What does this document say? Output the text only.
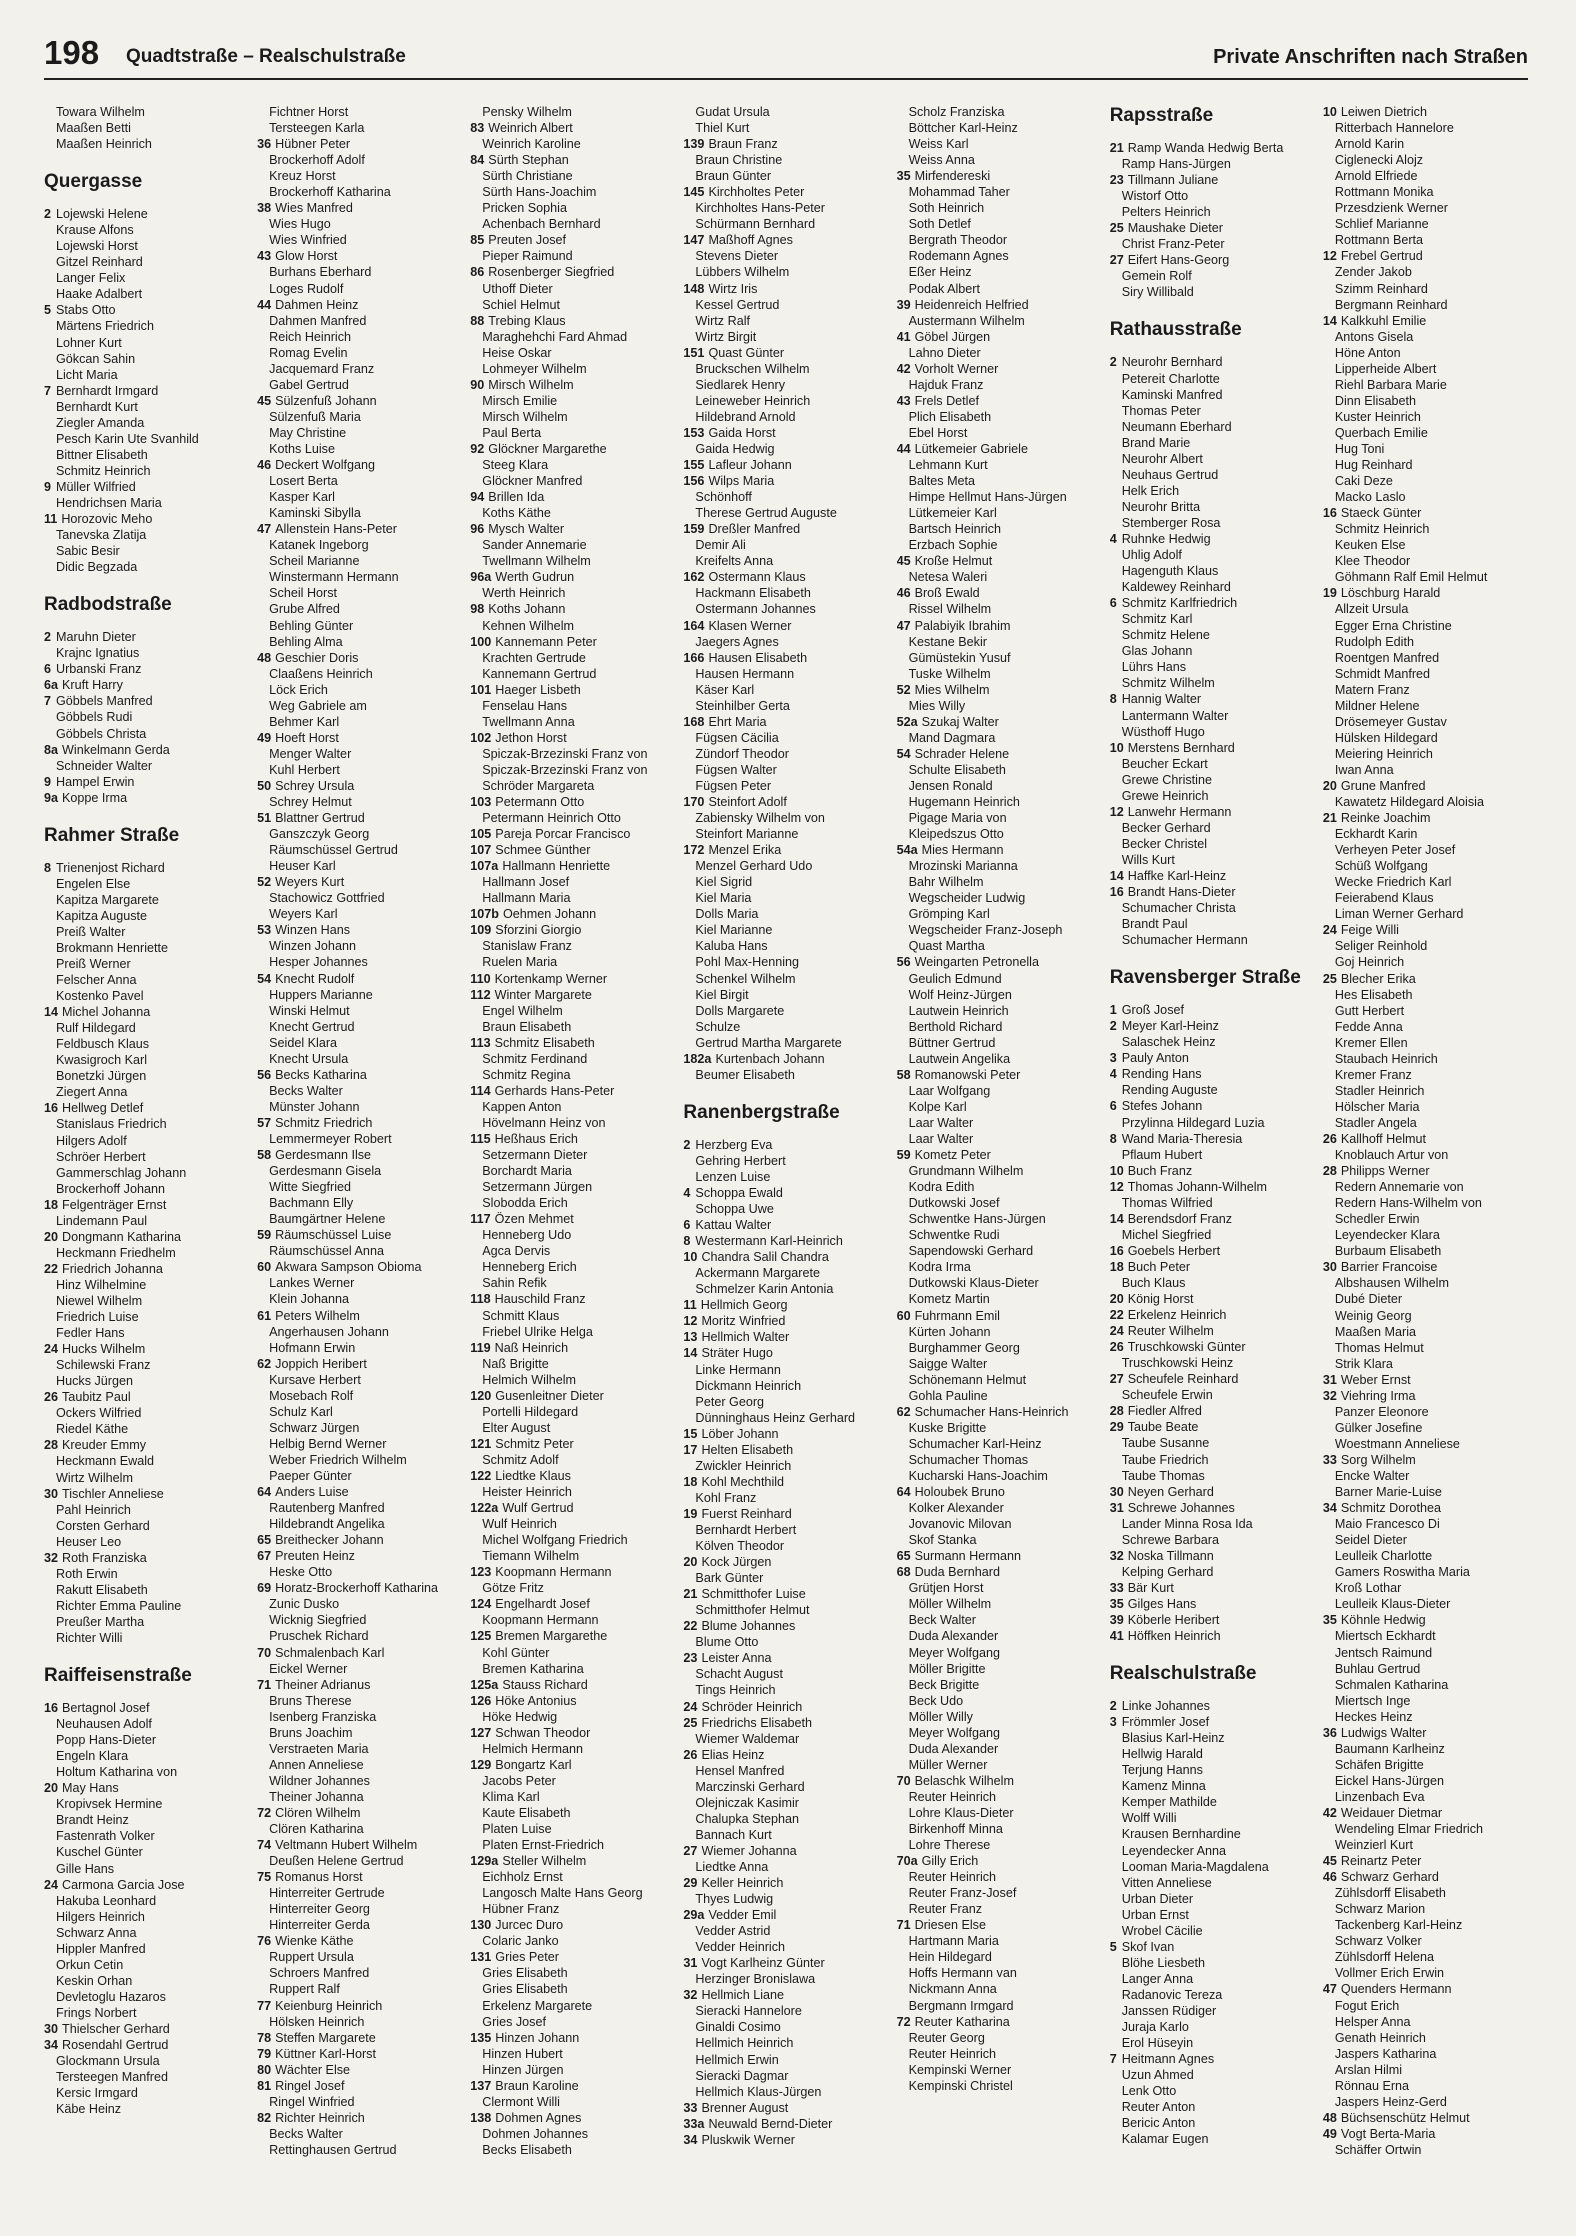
198 Quadtstraße – Realschulstraße	Private Anschriften nach Straßen
Towara Wilhelm
Maaßen Betti
Maaßen Heinrich
Quergasse
2 Lojewski Helene
Krause Alfons
Lojewski Horst
Gitzel Reinhard
Langer Felix
Haake Adalbert
5 Stabs Otto
Märtens Friedrich
Lohner Kurt
Gökcan Sahin
Licht Maria
7 Bernhardt Irmgard
Bernhardt Kurt
Ziegler Amanda
Pesch Karin Ute Svanhild
Bittner Elisabeth
Schmitz Heinrich
9 Müller Wilfried
Hendrichsen Maria
11 Horozovic Meho
Tanevska Zlatija
Sabic Besir
Didic Begzada
Radbodstraße
2 Maruhn Dieter
Krajnc Ignatius
6 Urbanski Franz
6a Kruft Harry
7 Göbbels Manfred
Göbbels Rudi
Göbbels Christa
8a Winkelmann Gerda
Schneider Walter
9 Hampel Erwin
9a Koppe Irma
Rahmer Straße
8 Trienenjost Richard
Engelen Else
Kapitza Margarete
Kapitza Auguste
Preiß Walter
Brokmann Henriette
Preiß Werner
Felscher Anna
Kostenko Pavel
14 Michel Johanna
Rulf Hildegard
Feldbusch Klaus
Kwasigroch Karl
Bonetzki Jürgen
Ziegert Anna
16 Hellweg Detlef
Stanislaus Friedrich
Hilgers Adolf
Schröer Herbert
Gammerschlag Johann
Brockerhoff Johann
18 Felgenträger Ernst
Lindemann Paul
20 Dongmann Katharina
Heckmann Friedhelm
22 Friedrich Johanna
Hinz Wilhelmine
Niewel Wilhelm
Friedrich Luise
Fedler Hans
24 Hucks Wilhelm
Schilewski Franz
Hucks Jürgen
26 Taubitz Paul
Ockers Wilfried
Riedel Käthe
28 Kreuder Emmy
Heckmann Ewald
Wirtz Wilhelm
30 Tischler Anneliese
Pahl Heinrich
Corsten Gerhard
Heuser Leo
32 Roth Franziska
Roth Erwin
Rakutt Elisabeth
Richter Emma Pauline
Preußer Martha
Richter Willi
Raiffeisenstraße
16 Bertagnol Josef
Neuhausen Adolf
Popp Hans-Dieter
Engeln Klara
Holtum Katharina von
20 May Hans
Kropivsek Hermine
Brandt Heinz
Fastenrath Volker
Kuschel Günter
Gille Hans
24 Carmona Garcia Jose
Hakuba Leonhard
Hilgers Heinrich
Schwarz Anna
Hippler Manfred
Orkun Cetin
Keskin Orhan
Devletoglu Hazaros
Frings Norbert
30 Thielscher Gerhard
34 Rosendahl Gertrud
Glockmann Ursula
Tersteegen Manfred
Kersic Irmgard
Käbe Heinz
Fichtner Horst
Tersteegen Karla
36 Hübner Peter
Brockerhoff Adolf
Kreuz Horst
Brockerhoff Katharina
38 Wies Manfred
Wies Hugo
Wies Winfried
43 Glow Horst
Burhans Eberhard
Loges Rudolf
44 Dahmen Heinz
Dahmen Manfred
Reich Heinrich
Romag Evelin
Jacquemard Franz
Gabel Gertrud
45 Sülzenfuß Johann
Sülzenfuß Maria
May Christine
Koths Luise
46 Deckert Wolfgang
Losert Berta
Kasper Karl
Kaminski Sibylla
47 Allenstein Hans-Peter
Katanek Ingeborg
Scheil Marianne
Winstermann Hermann
Scheil Horst
Grube Alfred
Behling Günter
Behling Alma
48 Geschier Doris
Claaßens Heinrich
Löck Erich
Weg Gabriele am
Behmer Karl
49 Hoeft Horst
Menger Walter
Kuhl Herbert
50 Schrey Ursula
Schrey Helmut
51 Blattner Gertrud
Ganszczyk Georg
Räumschüssel Gertrud
Heuser Karl
52 Weyers Kurt
Stachowicz Gottfried
Weyers Karl
53 Winzen Hans
Winzen Johann
Hesper Johannes
54 Knecht Rudolf
Huppers Marianne
Winski Helmut
Knecht Gertrud
Seidel Klara
Knecht Ursula
56 Becks Katharina
Becks Walter
Münster Johann
57 Schmitz Friedrich
Lemmermeyer Robert
58 Gerdesmann Ilse
Gerdesmann Gisela
Witte Siegfried
Bachmann Elly
Baumgärtner Helene
59 Räumschüssel Luise
Räumschüssel Anna
60 Akwara Sampson Obioma
Lankes Werner
Klein Johanna
61 Peters Wilhelm
Angerhausen Johann
Hofmann Erwin
62 Joppich Heribert
Kursave Herbert
Mosebach Rolf
Schulz Karl
Schwarz Jürgen
Helbig Bernd Werner
Weber Friedrich Wilhelm
Paeper Günter
64 Anders Luise
Rautenberg Manfred
Hildebrandt Angelika
65 Breithecker Johann
67 Preuten Heinz
Heske Otto
69 Horatz-Brockerhoff Katharina
Zunic Dusko
Wicknig Siegfried
Pruschek Richard
70 Schmalenbach Karl
Eickel Werner
71 Theiner Adrianus
Bruns Therese
Isenberg Franziska
Bruns Joachim
Verstraeten Maria
Annen Anneliese
Wildner Johannes
Theiner Johanna
72 Clören Wilhelm
Clören Katharina
74 Veltmann Hubert Wilhelm
Deußen Helene Gertrud
75 Romanus Horst
Hinterreiter Gertrude
Hinterreiter Georg
Hinterreiter Gerda
76 Wienke Käthe
Ruppert Ursula
Schroers Manfred
Ruppert Ralf
77 Keienburg Heinrich
Hölsken Heinrich
78 Steffen Margarete
79 Küttner Karl-Horst
80 Wächter Else
81 Ringel Josef
Ringel Winfried
82 Richter Heinrich
Becks Walter
Rettinghausen Gertrud
Pensky Wilhelm
83 Weinrich Albert
Weinrich Karoline
84 Sürth Stephan
Sürth Christiane
Sürth Hans-Joachim
Pricken Sophia
Achenbach Bernhard
85 Preuten Josef
Pieper Raimund
86 Rosenberger Siegfried
Uthoff Dieter
Schiel Helmut
88 Trebing Klaus
Maraghehchi Fard Ahmad
Heise Oskar
Lohmeyer Wilhelm
90 Mirsch Wilhelm
Mirsch Emilie
Mirsch Wilhelm
Paul Berta
92 Glöckner Margarethe
Steeg Klara
Glöckner Manfred
94 Brillen Ida
Koths Käthe
96 Mysch Walter
Sander Annemarie
Twellmann Wilhelm
96a Werth Gudrun
Werth Heinrich
98 Koths Johann
Kehnen Wilhelm
100 Kannemann Peter
Krachten Gertrude
Kannemann Gertrud
101 Haeger Lisbeth
Fenselau Hans
Twellmann Anna
102 Jethon Horst
Spiczak-Brzezinski Franz von
Spiczak-Brzezinski Franz von
Schröder Margareta
103 Petermann Otto
Petermann Heinrich Otto
105 Pareja Porcar Francisco
107 Schmee Günther
107a Hallmann Henriette
Hallmann Josef
Hallmann Maria
107b Oehmen Johann
109 Sforzini Giorgio
Stanislaw Franz
Ruelen Maria
110 Kortenkamp Werner
112 Winter Margarete
Engel Wilhelm
Braun Elisabeth
113 Schmitz Elisabeth
Schmitz Ferdinand
Schmitz Regina
114 Gerhards Hans-Peter
Kappen Anton
Hövelmann Heinz von
115 Heßhaus Erich
Setzermann Dieter
Borchardt Maria
Setzermann Jürgen
Slobodda Erich
117 Özen Mehmet
Henneberg Udo
Agca Dervis
Henneberg Erich
Sahin Refik
118 Hauschild Franz
Schmitt Klaus
Friebel Ulrike Helga
119 Naß Heinrich
Naß Brigitte
Helmich Wilhelm
120 Gusenleitner Dieter
Portelli Hildegard
Elter August
121 Schmitz Peter
Schmitz Adolf
122 Liedtke Klaus
Heister Heinrich
122a Wulf Gertrud
Wulf Heinrich
Michel Wolfgang Friedrich
Tiemann Wilhelm
123 Koopmann Hermann
Götze Fritz
124 Engelhardt Josef
Koopmann Hermann
125 Bremen Margarethe
Kohl Günter
Bremen Katharina
125a Stauss Richard
126 Höke Antonius
Höke Hedwig
127 Schwan Theodor
Helmich Hermann
129 Bongartz Karl
Jacobs Peter
Klima Karl
Kaute Elisabeth
Platen Luise
Platen Ernst-Friedrich
129a Steller Wilhelm
Eichholz Ernst
Langosch Malte Hans Georg
Hübner Franz
130 Jurcec Duro
Colaric Janko
131 Gries Peter
Gries Elisabeth
Gries Elisabeth
Erkelenz Margarete
Gries Josef
135 Hinzen Johann
Hinzen Hubert
Hinzen Jürgen
137 Braun Karoline
Clermont Willi
138 Dohmen Agnes
Dohmen Johannes
Becks Elisabeth
Gudat Ursula
Thiel Kurt
139 Braun Franz
Braun Christine
Braun Günter
145 Kirchholtes Peter
Kirchholtes Hans-Peter
Schürmann Bernhard
147 Maßhoff Agnes
Stevens Dieter
Lübbers Wilhelm
148 Wirtz Iris
Kessel Gertrud
Wirtz Ralf
Wirtz Birgit
151 Quast Günter
Bruckschen Wilhelm
Siedlarek Henry
Leineweber Heinrich
Hildebrand Arnold
153 Gaida Horst
Gaida Hedwig
155 Lafleur Johann
156 Wilps Maria
Schönhoff
Therese Gertrud Auguste
159 Dreßler Manfred
Demir Ali
Kreifelts Anna
162 Ostermann Klaus
Hackmann Elisabeth
Ostermann Johannes
164 Klasen Werner
Jaegers Agnes
166 Hausen Elisabeth
Hausen Hermann
Käser Karl
Steinhilber Gerta
168 Ehrt Maria
Fügsen Cäcilia
Zündorf Theodor
Fügsen Walter
Fügsen Peter
170 Steinfort Adolf
Zabiensky Wilhelm von
Steinfort Marianne
172 Menzel Erika
Menzel Gerhard Udo
Kiel Sigrid
Kiel Maria
Dolls Maria
Kiel Marianne
Kaluba Hans
Pohl Max-Henning
Schenkel Wilhelm
Kiel Birgit
Dolls Margarete
Schulze
Gertrud Martha Margarete
182a Kurtenbach Johann
Beumer Elisabeth
Ranenbergstraße
2 Herzberg Eva
Gehring Herbert
Lenzen Luise
4 Schoppa Ewald
Schoppa Uwe
6 Kattau Walter
8 Westermann Karl-Heinrich
10 Chandra Salil Chandra
Ackermann Margarete
Schmelzer Karin Antonia
11 Hellmich Georg
12 Moritz Winfried
13 Hellmich Walter
14 Sträter Hugo
Linke Hermann
Dickmann Heinrich
Peter Georg
Dünninghaus Heinz Gerhard
15 Löber Johann
17 Helten Elisabeth
Zwickler Heinrich
18 Kohl Mechthild
Kohl Franz
19 Fuerst Reinhard
Bernhardt Herbert
Kölven Theodor
20 Kock Jürgen
Bark Günter
21 Schmitthofer Luise
Schmitthofer Helmut
22 Blume Johannes
Blume Otto
23 Leister Anna
Schacht August
Tings Heinrich
24 Schröder Heinrich
25 Friedrichs Elisabeth
Wiemer Waldemar
26 Elias Heinz
Hensel Manfred
Marczinski Gerhard
Olejniczak Kasimir
Chalupka Stephan
Bannach Kurt
27 Wiemer Johanna
Liedtke Anna
29 Keller Heinrich
Thyes Ludwig
29a Vedder Emil
Vedder Astrid
Vedder Heinrich
31 Vogt Karlheinz Günter
Herzinger Bronislawa
32 Hellmich Liane
Sieracki Hannelore
Ginaldi Cosimo
Hellmich Heinrich
Hellmich Erwin
Sieracki Dagmar
Hellmich Klaus-Jürgen
33 Brenner August
33a Neuwald Bernd-Dieter
34 Pluskwik Werner
Scholz Franziska
Böttcher Karl-Heinz
Weiss Karl
Weiss Anna
35 Mirfendereski
Mohammad Taher
Soth Heinrich
Soth Detlef
Bergrath Theodor
Rodemann Agnes
Eßer Heinz
Podak Albert
39 Heidenreich Helfried
Austermann Wilhelm
41 Göbel Jürgen
Lahno Dieter
42 Vorholt Werner
Hajduk Franz
43 Frels Detlef
Plich Elisabeth
Ebel Horst
44 Lütkemeier Gabriele
Lehmann Kurt
Baltes Meta
Himpe Hellmut Hans-Jürgen
Lütkemeier Karl
Bartsch Heinrich
Erzbach Sophie
45 Kroße Helmut
Netesa Waleri
46 Broß Ewald
Rissel Wilhelm
47 Palabiyik Ibrahim
Kestane Bekir
Gümüstekin Yusuf
Tuske Wilhelm
52 Mies Wilhelm
Mies Willy
52a Szukaj Walter
Mand Dagmara
54 Schrader Helene
Schulte Elisabeth
Jensen Ronald
Hugemann Heinrich
Pigage Maria von
Kleipedszus Otto
54a Mies Hermann
Mrozinski Marianna
Bahr Wilhelm
Wegscheider Ludwig
Grömping Karl
Wegscheider Franz-Joseph
Quast Martha
56 Weingarten Petronella
Geulich Edmund
Wolf Heinz-Jürgen
Lautwein Heinrich
Berthold Richard
Büttner Gertrud
Lautwein Angelika
58 Romanowski Peter
Laar Wolfgang
Kolpe Karl
Laar Walter
Laar Walter
59 Kometz Peter
Grundmann Wilhelm
Kodra Edith
Dutkowski Josef
Schwentke Hans-Jürgen
Schwentke Rudi
Sapendowski Gerhard
Kodra Irma
Dutkowski Klaus-Dieter
Kometz Martin
60 Fuhrmann Emil
Kürten Johann
Burghammer Georg
Saigge Walter
Schönemann Helmut
Gohla Pauline
62 Schumacher Hans-Heinrich
Kuske Brigitte
Schumacher Karl-Heinz
Schumacher Thomas
Kucharski Hans-Joachim
64 Holoubek Bruno
Kolker Alexander
Jovanovic Milovan
Skof Stanka
65 Surmann Hermann
68 Duda Bernhard
Grütjen Horst
Möller Wilhelm
Beck Walter
Duda Alexander
Meyer Wolfgang
Möller Brigitte
Beck Brigitte
Beck Udo
Möller Willy
Meyer Wolfgang
Duda Alexander
Müller Werner
70 Belaschk Wilhelm
Reuter Heinrich
Lohre Klaus-Dieter
Birkenhoff Minna
Lohre Therese
70a Gilly Erich
Reuter Heinrich
Reuter Franz-Josef
Reuter Franz
71 Driesen Else
Hartmann Maria
Hein Hildegard
Hoffs Hermann van
Nickmann Anna
Bergmann Irmgard
72 Reuter Katharina
Reuter Georg
Reuter Heinrich
Kempinski Werner
Kempinski Christel
Rapsstraße
21 Ramp Wanda Hedwig Berta
Ramp Hans-Jürgen
23 Tillmann Juliane
Wistorf Otto
Pelters Heinrich
25 Maushake Dieter
Christ Franz-Peter
27 Eifert Hans-Georg
Gemein Rolf
Siry Willibald
Rathausstraße
2 Neurohr Bernhard
Petereit Charlotte
Kaminski Manfred
Thomas Peter
Neumann Eberhard
Brand Marie
Neurohr Albert
Neuhaus Gertrud
Helk Erich
Neurohr Britta
Stemberger Rosa
4 Ruhnke Hedwig
Uhlig Adolf
Hagenguth Klaus
Kaldewey Reinhard
6 Schmitz Karlfriedrich
Schmitz Karl
Schmitz Helene
Glas Johann
Lührs Hans
Schmitz Wilhelm
8 Hannig Walter
Lantermann Walter
Wüsthoff Hugo
10 Merstens Bernhard
Beucher Eckart
Grewe Christine
Grewe Heinrich
12 Lanwehr Hermann
Becker Gerhard
Becker Christel
Wills Kurt
14 Haffke Karl-Heinz
16 Brandt Hans-Dieter
Schumacher Christa
Brandt Paul
Schumacher Hermann
Ravensberger Straße
1 Groß Josef
2 Meyer Karl-Heinz
Salaschek Heinz
3 Pauly Anton
4 Rending Hans
Rending Auguste
6 Stefes Johann
Przylinna Hildegard Luzia
8 Wand Maria-Theresia
Pflaum Hubert
10 Buch Franz
12 Thomas Johann-Wilhelm
Thomas Wilfried
14 Berendsdorf Franz
Michel Siegfried
16 Goebels Herbert
18 Buch Peter
Buch Klaus
20 König Horst
22 Erkelenz Heinrich
24 Reuter Wilhelm
26 Truschkowski Günter
Truschkowski Heinz
27 Scheufele Reinhard
Scheufele Erwin
28 Fiedler Alfred
29 Taube Beate
Taube Susanne
Taube Friedrich
Taube Thomas
30 Neyen Gerhard
31 Schrewe Johannes
Lander Minna Rosa Ida
Schrewe Barbara
32 Noska Tillmann
Kelping Gerhard
33 Bär Kurt
35 Gilges Hans
39 Köberle Heribert
41 Höffken Heinrich
Realschulstraße
2 Linke Johannes
3 Frömmler Josef
Blasius Karl-Heinz
Hellwig Harald
Terjung Hanns
Kamenz Minna
Kemper Mathilde
Wolff Willi
Krausen Bernhardine
Leyendecker Anna
Looman Maria-Magdalena
Vitten Anneliese
Urban Dieter
Urban Ernst
Wrobel Cäcilie
5 Skof Ivan
Blöhe Liesbeth
Langer Anna
Radanovic Tereza
Janssen Rüdiger
Juraja Karlo
Erol Hüseyin
7 Heitmann Agnes
Uzun Ahmed
Lenk Otto
Reuter Anton
Bericic Anton
Kalamar Eugen
10 Leiwen Dietrich
Ritterbach Hannelore
Arnold Karin
Ciglenecki Alojz
Arnold Elfriede
Rottmann Monika
Przesdzienk Werner
Schlief Marianne
Rottmann Berta
12 Frebel Gertrud
Zender Jakob
Szimm Reinhard
Bergmann Reinhard
14 Kalkkuhl Emilie
Antons Gisela
Höne Anton
Lipperheide Albert
Riehl Barbara Marie
Dinn Elisabeth
Kuster Heinrich
Querbach Emilie
Hug Toni
Hug Reinhard
Caki Deze
Macko Laslo
16 Staeck Günter
Schmitz Heinrich
Keuken Else
Klee Theodor
Göhmann Ralf Emil Helmut
19 Löschburg Harald
Allzeit Ursula
Egger Erna Christine
Rudolph Edith
Roentgen Manfred
Schmidt Manfred
Matern Franz
Mildner Helene
Drösemeyer Gustav
Hülsken Hildegard
Meiering Heinrich
Iwan Anna
20 Grune Manfred
Kawatetz Hildegard Aloisia
21 Reinke Joachim
Eckhardt Karin
Verheyen Peter Josef
Schüß Wolfgang
Wecke Friedrich Karl
Feierabend Klaus
Liman Werner Gerhard
24 Feige Willi
Seliger Reinhold
Goj Heinrich
25 Blecher Erika
Hes Elisabeth
Gutt Herbert
Fedde Anna
Kremer Ellen
Staubach Heinrich
Kremer Franz
Stadler Heinrich
Hölscher Maria
Stadler Angela
26 Kallhoff Helmut
Knoblauch Artur von
28 Philipps Werner
Redern Annemarie von
Redern Hans-Wilhelm von
Schedler Erwin
Leyendecker Klara
Burbaum Elisabeth
30 Barrier Francoise
Albshausen Wilhelm
Dubé Dieter
Weinig Georg
Maaßen Maria
Thomas Helmut
Strik Klara
31 Weber Ernst
32 Viehring Irma
Panzer Eleonore
Gülker Josefine
Woestmann Anneliese
33 Sorg Wilhelm
Encke Walter
Barner Marie-Luise
34 Schmitz Dorothea
Maio Francesco Di
Seidel Dieter
Leulleik Charlotte
Gamers Roswitha Maria
Kroß Lothar
Leulleik Klaus-Dieter
35 Köhnle Hedwig
Miertsch Eckhardt
Jentsch Raimund
Buhlau Gertrud
Schmalen Katharina
Miertsch Inge
Heckes Heinz
36 Ludwigs Walter
Baumann Karlheinz
Schäfen Brigitte
Eickel Hans-Jürgen
Linzenbach Eva
42 Weidauer Dietmar
Wendeling Elmar Friedrich
Weinzierl Kurt
45 Reinartz Peter
46 Schwarz Gerhard
Zühlsdorff Elisabeth
Schwarz Marion
Tackenberg Karl-Heinz
Schwarz Volker
Zühlsdorff Helena
Vollmer Erich Erwin
47 Quenders Hermann
Fogut Erich
Helsper Anna
Genath Heinrich
Jaspers Katharina
Arslan Hilmi
Rönnau Erna
Jaspers Heinz-Gerd
48 Büchsenschütz Helmut
49 Vogt Berta-Maria
Schäffer Ortwin
